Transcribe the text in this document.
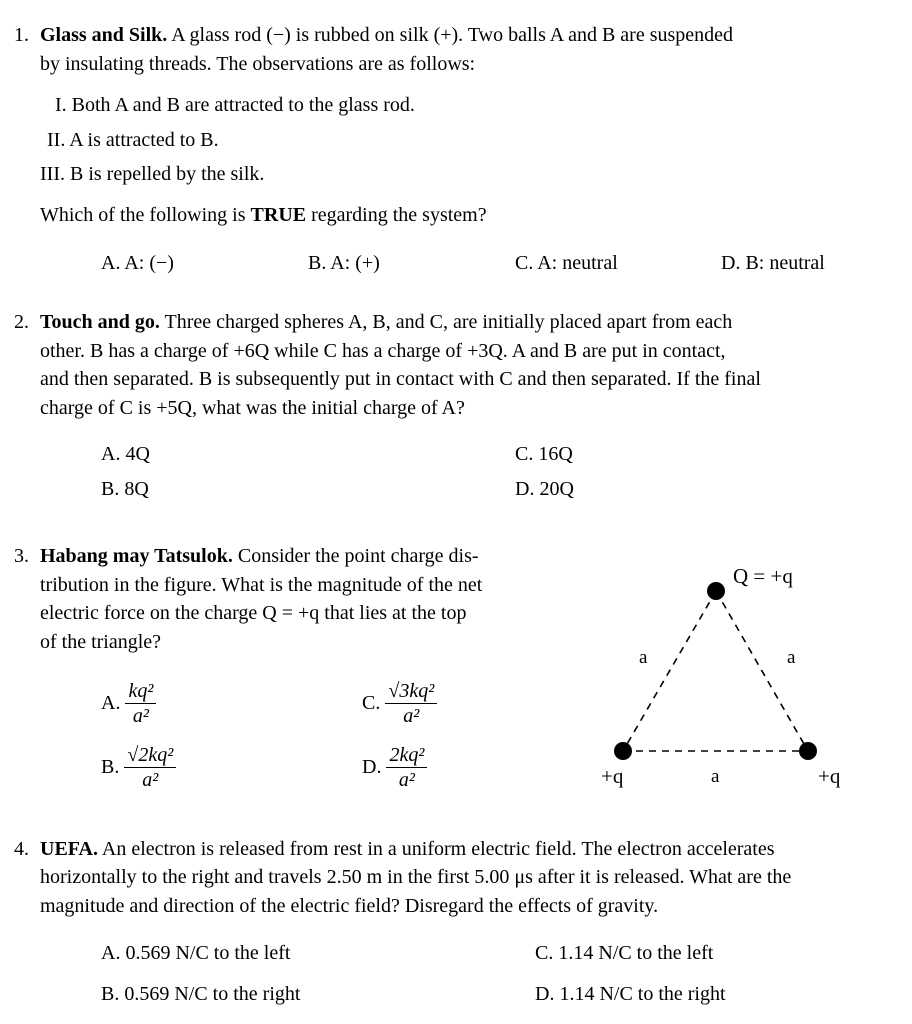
1. Glass and Silk. A glass rod (−) is rubbed on silk (+). Two balls A and B are suspended
by insulating threads. The observations are as follows:
I. Both A and B are attracted to the glass rod.
II. A is attracted to B.
III. B is repelled by the silk.
Which of the following is TRUE regarding the system?
A. A: (−)	B. A: (+)	C. A: neutral	D. B: neutral
2. Touch and go. Three charged spheres A, B, and C, are initially placed apart from each
other. B has a charge of +6Q while C has a charge of +3Q. A and B are put in contact,
and then separated. B is subsequently put in contact with C and then separated. If the final
charge of C is +5Q, what was the initial charge of A?
A. 4Q
B. 8Q
C. 16Q
D. 20Q
3. Habang may Tatsulok. Consider the point charge dis-
tribution in the figure. What is the magnitude of the net
electric force on the charge Q = +q that lies at the top
of the triangle?
A. $\frac{\text{kq²}}{\text{a²}}$
B. $\frac{\text{√2kq²}}{\text{a²}}$
C. $\frac{\text{√3kq²}}{\text{a²}}$
D. $\frac{\text{2kq²}}{\text{a²}}$
Q = +q
a	a
a
+q	+q
4. UEFA. An electron is released from rest in a uniform electric field. The electron accelerates
horizontally to the right and travels 2.50 m in the first 5.00 μs after it is released. What are the
magnitude and direction of the electric field? Disregard the effects of gravity.
A. 0.569 N/C to the left
B. 0.569 N/C to the right
C. 1.14 N/C to the left
D. 1.14 N/C to the right
